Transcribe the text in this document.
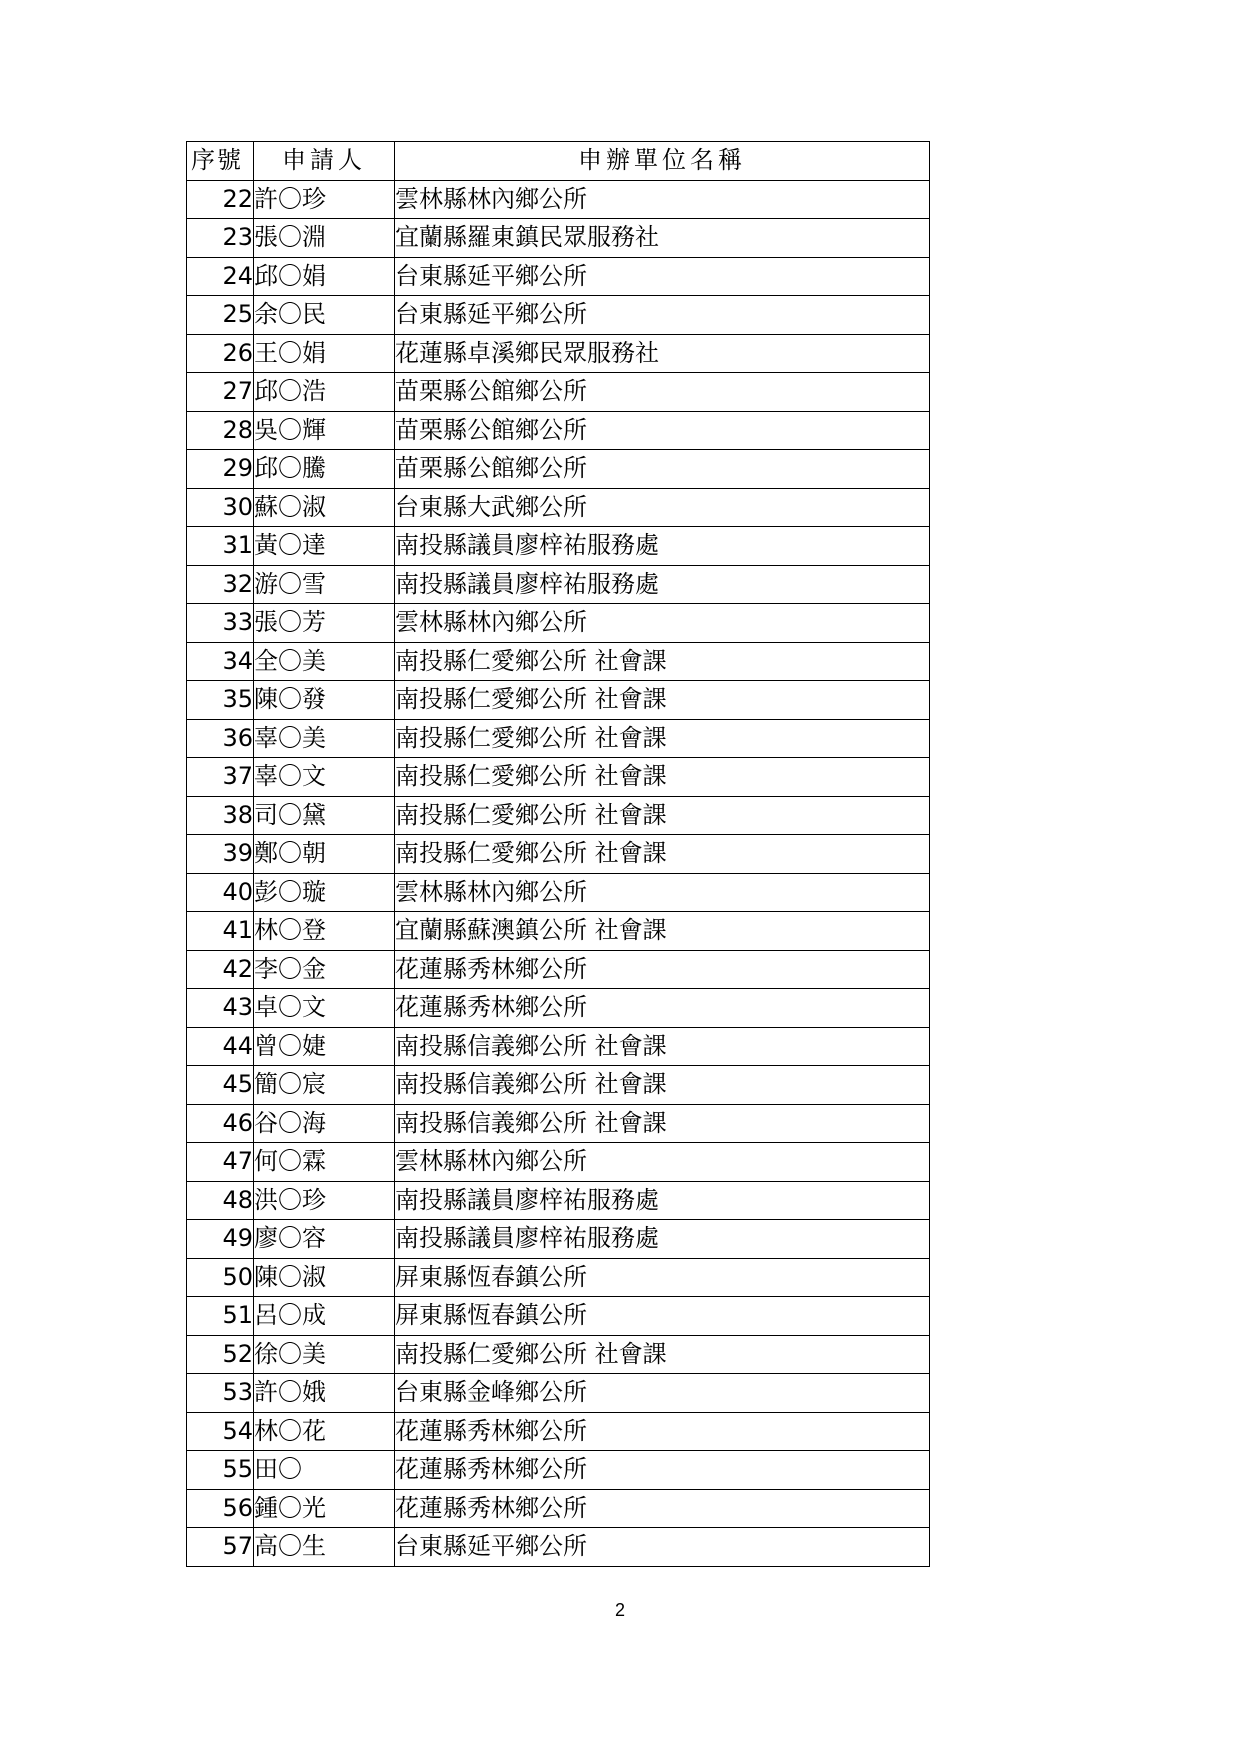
序號	申請人	申辦單位名稱
22	許〇珍	雲林縣林內鄉公所
23	張〇淵	宜蘭縣羅東鎮民眾服務社
24	邱〇娟	台東縣延平鄉公所
25	余〇民	台東縣延平鄉公所
26	王〇娟	花蓮縣卓溪鄉民眾服務社
27	邱〇浩	苗栗縣公館鄉公所
28	吳〇輝	苗栗縣公館鄉公所
29	邱〇騰	苗栗縣公館鄉公所
30	蘇〇淑	台東縣大武鄉公所
31	黃〇達	南投縣議員廖梓祐服務處
32	游〇雪	南投縣議員廖梓祐服務處
33	張〇芳	雲林縣林內鄉公所
34	全〇美	南投縣仁愛鄉公所 社會課
35	陳〇發	南投縣仁愛鄉公所 社會課
36	辜〇美	南投縣仁愛鄉公所 社會課
37	辜〇文	南投縣仁愛鄉公所 社會課
38	司〇黛	南投縣仁愛鄉公所 社會課
39	鄭〇朝	南投縣仁愛鄉公所 社會課
40	彭〇璇	雲林縣林內鄉公所
41	林〇登	宜蘭縣蘇澳鎮公所 社會課
42	李〇金	花蓮縣秀林鄉公所
43	卓〇文	花蓮縣秀林鄉公所
44	曾〇婕	南投縣信義鄉公所 社會課
45	簡〇宸	南投縣信義鄉公所 社會課
46	谷〇海	南投縣信義鄉公所 社會課
47	何〇霖	雲林縣林內鄉公所
48	洪〇珍	南投縣議員廖梓祐服務處
49	廖〇容	南投縣議員廖梓祐服務處
50	陳〇淑	屏東縣恆春鎮公所
51	呂〇成	屏東縣恆春鎮公所
52	徐〇美	南投縣仁愛鄉公所 社會課
53	許〇娥	台東縣金峰鄉公所
54	林〇花	花蓮縣秀林鄉公所
55	田〇	花蓮縣秀林鄉公所
56	鍾〇光	花蓮縣秀林鄉公所
57	高〇生	台東縣延平鄉公所
2
